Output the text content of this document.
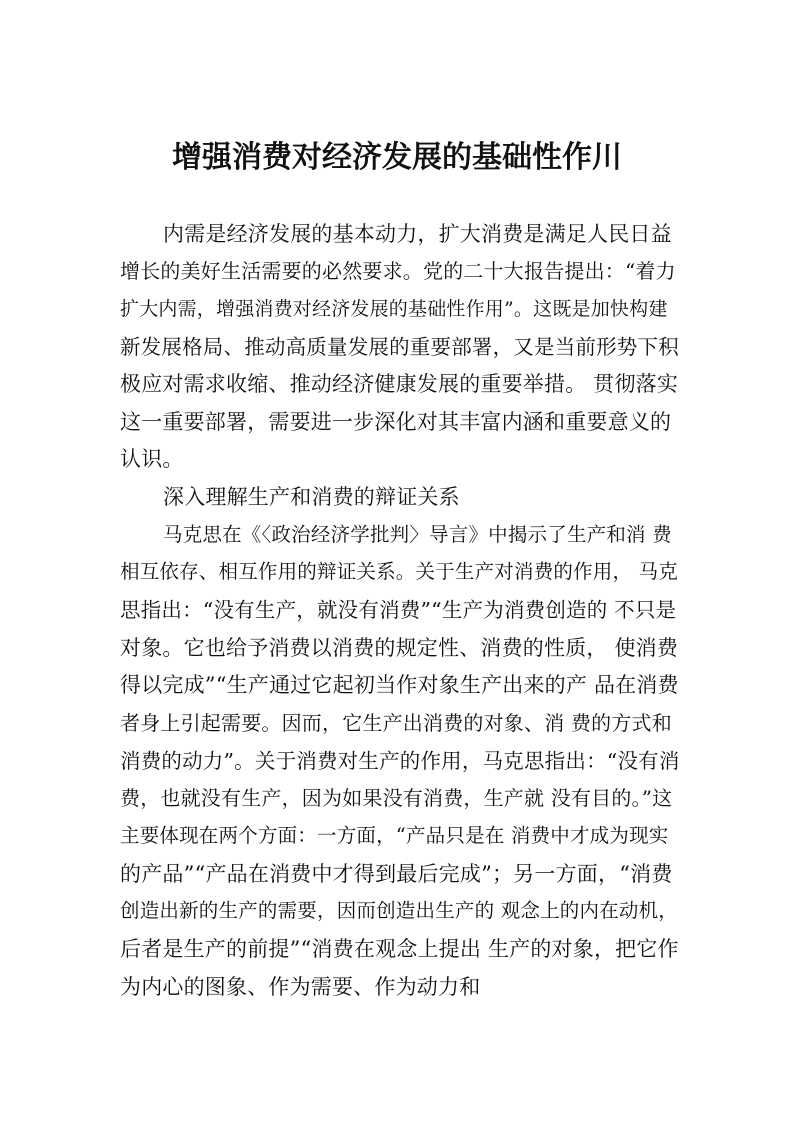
增强消费对经济发展的基础性作川
内需是经济发展的基本动力，扩大消费是满足人民日益
增长的美好生活需要的必然要求。党的二十大报告提出：“着力
扩大内需，增强消费对经济发展的基础性作用”。这既是加快构建
新发展格局、推动高质量发展的重要部署，又是当前形势下积
极应对需求收缩、推动经济健康发展的重要举措。 贯彻落实
这一重要部署，需要进一步深化对其丰富内涵和重要意义的
认识。
深入理解生产和消费的辩证关系
马克思在《〈政治经济学批判〉导言》中揭示了生产和消 费
相互依存、相互作用的辩证关系。关于生产对消费的作用， 马克
思指出：“没有生产，就没有消费”“生产为消费创造的 不只是
对象。它也给予消费以消费的规定性、消费的性质， 使消费
得以完成”“生产通过它起初当作对象生产出来的产 品在消费
者身上引起需要。因而，它生产出消费的对象、消 费的方式和
消费的动力”。关于消费对生产的作用，马克思指出：“没有消
费，也就没有生产，因为如果没有消费，生产就 没有目的。”这
主要体现在两个方面：一方面，“产品只是在 消费中才成为现实
的产品”“产品在消费中才得到最后完成”；另一方面，“消费
创造出新的生产的需要，因而创造出生产的 观念上的内在动机，
后者是生产的前提”“消费在观念上提出 生产的对象，把它作
为内心的图象、作为需要、作为动力和
